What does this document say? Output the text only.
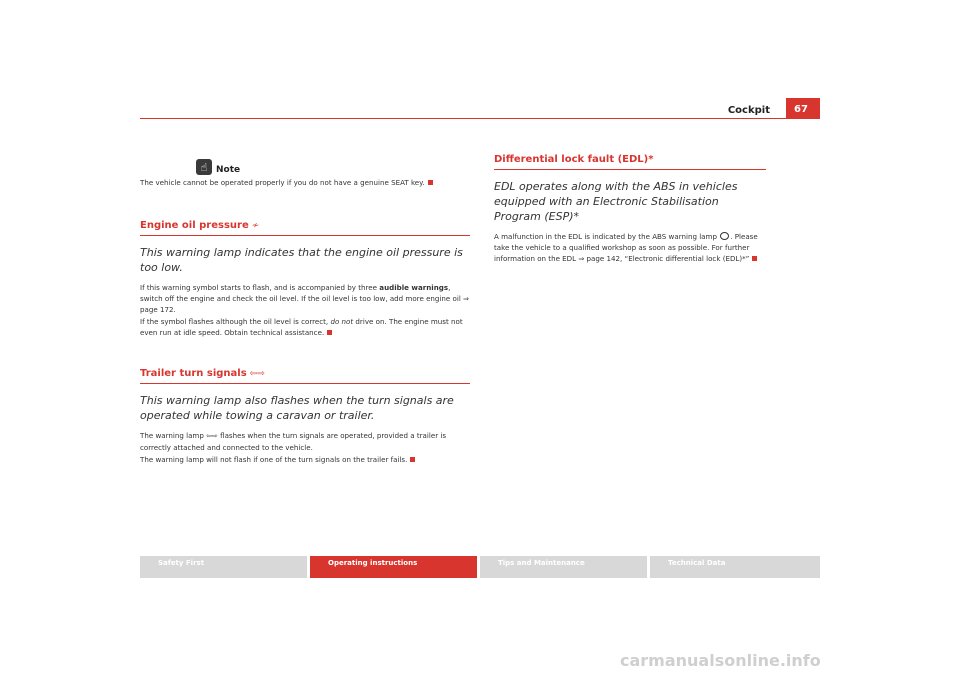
Cockpit	67
☝ Note

The vehicle cannot be operated properly if you do not have a genuine SEAT key.

Engine oil pressure ≁
This warning lamp indicates that the engine oil pressure is too low.

If this warning symbol starts to flash, and is accompanied by three audible warnings, switch off the engine and check the oil level. If the oil level is too low, add more engine oil ⇒ page 172.

If the symbol flashes although the oil level is correct, do not drive on. The engine must not even run at idle speed. Obtain technical assistance.

Trailer turn signals ⇦⇨
This warning lamp also flashes when the turn signals are operated while towing a caravan or trailer.

The warning lamp ⇦⇨ flashes when the turn signals are operated, provided a trailer is correctly attached and connected to the vehicle.

The warning lamp will not flash if one of the turn signals on the trailer fails.

Differential lock fault (EDL)*
EDL operates along with the ABS in vehicles equipped with an Electronic Stabilisation Program (ESP)*

A malfunction in the EDL is indicated by the ABS warning lamp . Please take the vehicle to a qualified workshop as soon as possible. For further information on the EDL ⇒ page 142, “Electronic differential lock (EDL)*”

Safety First	Operating instructions	Tips and Maintenance	Technical Data
carmanualsonline.info
